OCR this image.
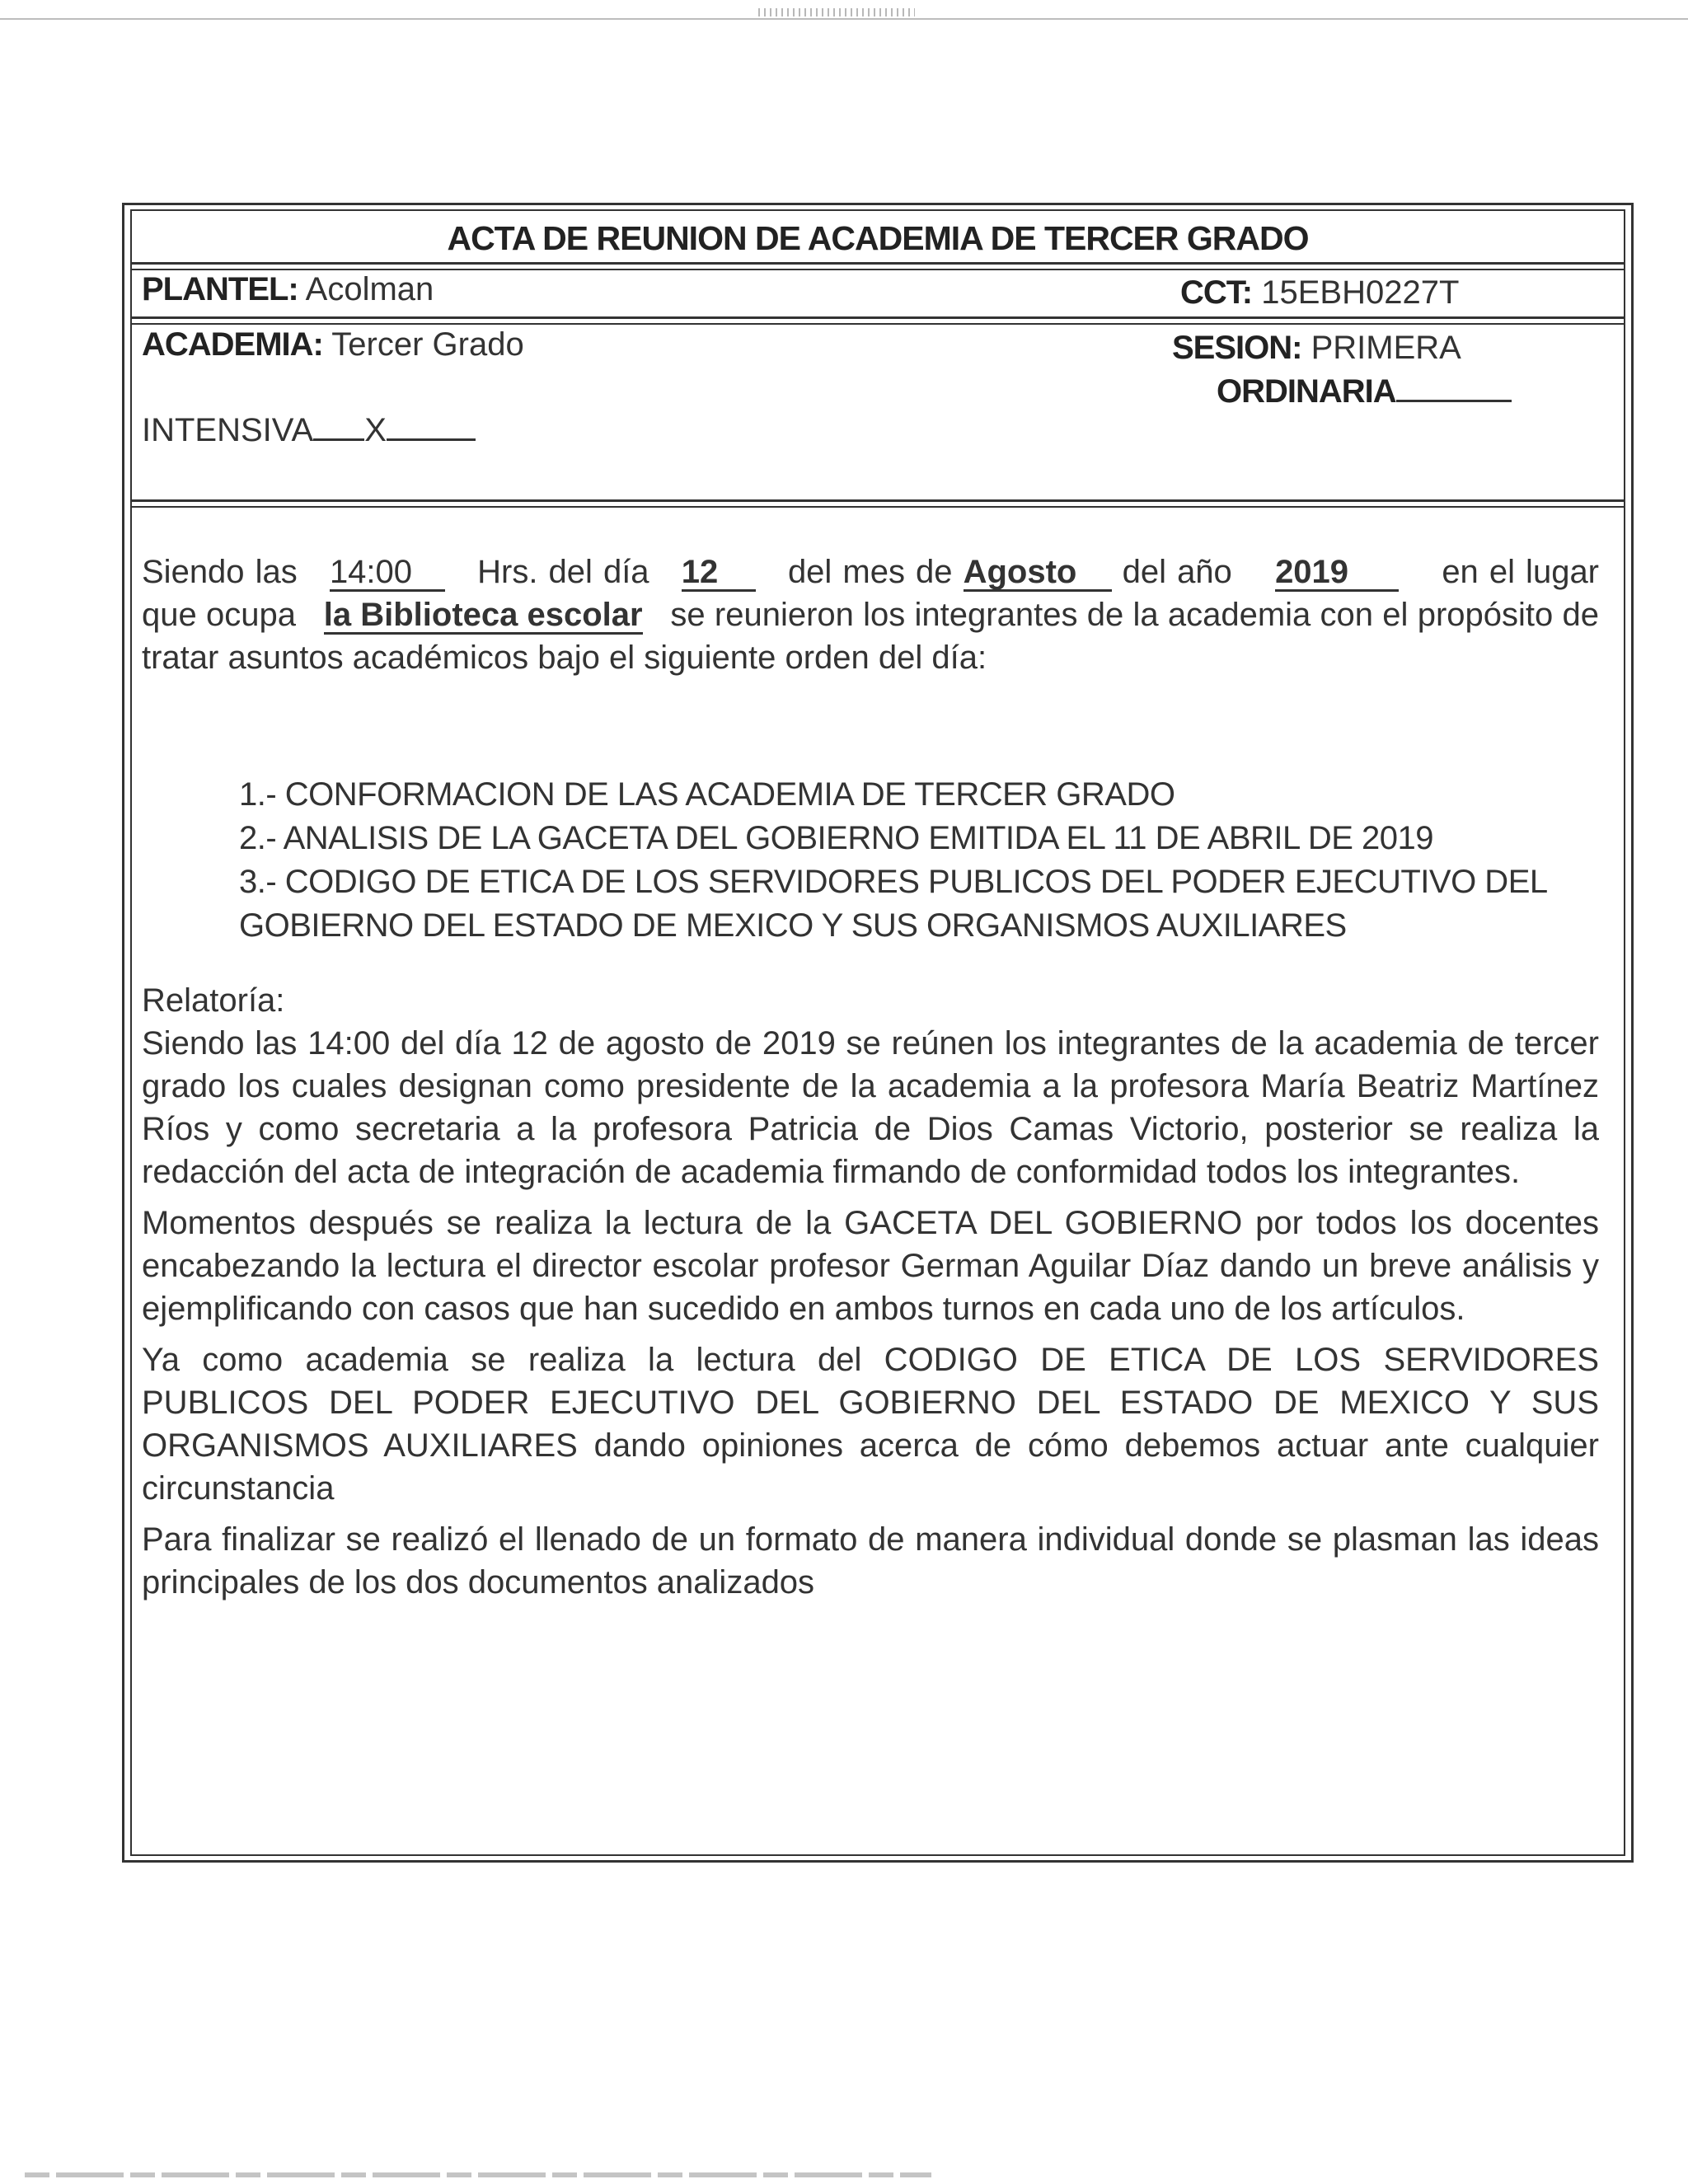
ACTA DE REUNION DE ACADEMIA DE TERCER GRADO
PLANTEL: Acolman	CCT: 15EBH0227T
ACADEMIA: Tercer Grado	SESION: PRIMERA
ORDINARIA
INTENSIVA X

Siendo las 14:00 Hrs. del día 12 del mes de Agosto del año 2019	en el lugar que ocupa la Biblioteca escolar se reunieron los integrantes de la academia con el propósito de tratar asuntos académicos bajo el siguiente orden del día:

1.- CONFORMACION DE LAS ACADEMIA DE TERCER GRADO
2.- ANALISIS DE LA GACETA DEL GOBIERNO EMITIDA EL 11 DE ABRIL DE 2019
3.- CODIGO DE ETICA DE LOS SERVIDORES PUBLICOS DEL PODER EJECUTIVO DEL GOBIERNO DEL ESTADO DE MEXICO Y SUS ORGANISMOS AUXILIARES
Relatoría:

Siendo las 14:00 del día 12 de agosto de 2019 se reúnen los integrantes de la academia de tercer grado los cuales designan como presidente de la academia a la profesora María Beatriz Martínez Ríos y como secretaria a la profesora Patricia de Dios Camas Victorio, posterior se realiza la redacción del acta de integración de academia firmando de conformidad todos los integrantes.

Momentos después se realiza la lectura de la GACETA DEL GOBIERNO por todos los docentes encabezando la lectura el director escolar profesor German Aguilar Díaz dando un breve análisis y ejemplificando con casos que han sucedido en ambos turnos en cada uno de los artículos.

Ya como academia se realiza la lectura del CODIGO DE ETICA DE LOS SERVIDORES PUBLICOS DEL PODER EJECUTIVO DEL GOBIERNO DEL ESTADO DE MEXICO Y SUS ORGANISMOS AUXILIARES dando opiniones acerca de cómo debemos actuar ante cualquier circunstancia

Para finalizar se realizó el llenado de un formato de manera individual donde se plasman las ideas principales de los dos documentos analizados
